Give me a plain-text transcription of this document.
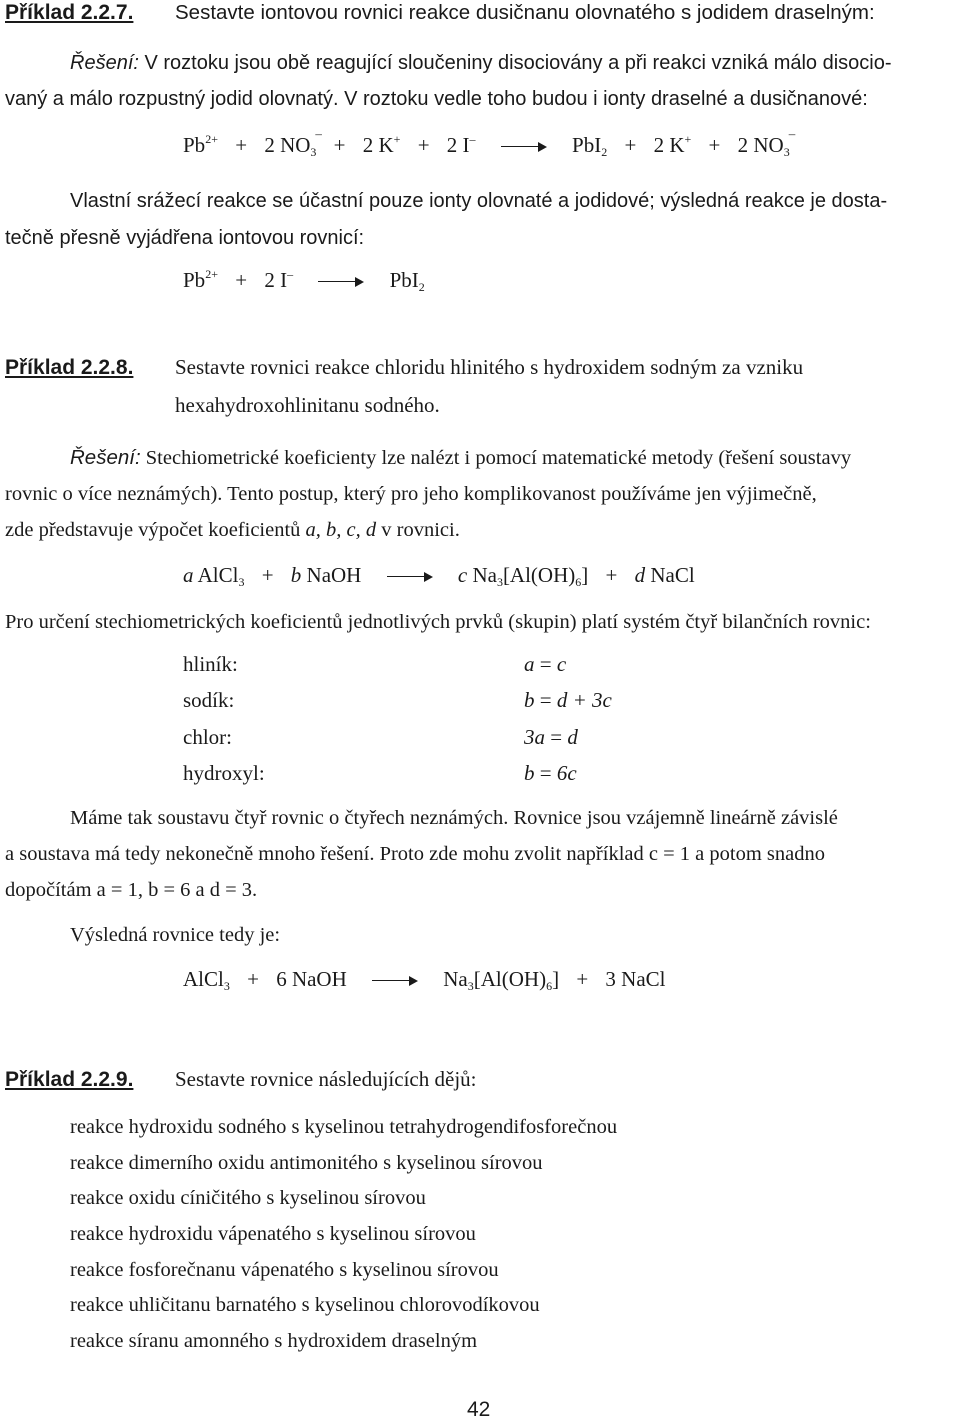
Příklad 2.2.7. Sestavte iontovou rovnici reakce dusičnanu olovnatého s jodidem draselným:
Řešení: V roztoku jsou obě reagující sloučeniny disociovány a při reakci vzniká málo disocio-
vaný a málo rozpustný jodid olovnatý. V roztoku vedle toho budou i ionty draselné a dusičnanové:
$Pb^{2+} + 2$ NO3
– + 2 K+ + 2 I–	PbI$_2$ + 2 K+ + 2 NO3
–
Vlastní srážecí reakce se účastní pouze ionty olovnaté a jodidové; výsledná reakce je dosta-
tečně přesně vyjádřena iontovou rovnicí:
$Pb^{2+} + 2$ I–	PbI$_2$
Příklad 2.2.8. Sestavte rovnici reakce chloridu hlinitého s hydroxidem sodným za vzniku
hexahydroxohlinitanu sodného.
Řešení: Stechiometrické koeficienty lze nalézt i pomocí matematické metody (řešení soustavy
rovnic o více neznámých). Tento postup, který pro jeho komplikovanost používáme jen výjimečně,
zde představuje výpočet koeficientů a, b, c, d v rovnici.
a AlCl$_3$ + b NaOH	c $Na_3[Al(OH)_6] + d$ NaCl
Pro určení stechiometrických koeficientů jednotlivých prvků (skupin) platí systém čtyř bilančních rovnic:
hliník:	a = c
sodík:	b = d + 3c
chlor:	3a = d
hydroxyl:	b = 6c
Máme tak soustavu čtyř rovnic o čtyřech neznámých. Rovnice jsou vzájemně lineárně závislé
a soustava má tedy nekonečně mnoho řešení. Proto zde mohu zvolit například c = 1 a potom snadno
dopočítám a = 1, b = 6 a d = 3.
Výsledná rovnice tedy je:
AlCl$_3$ + 6 NaOH	$Na_3[Al(OH)_6] + 3$ NaCl
Příklad 2.2.9. Sestavte rovnice následujících dějů:
reakce hydroxidu sodného s kyselinou tetrahydrogendifosforečnou
reakce dimerního oxidu antimonitého s kyselinou sírovou
reakce oxidu cíničitého s kyselinou sírovou
reakce hydroxidu vápenatého s kyselinou sírovou
reakce fosforečnanu vápenatého s kyselinou sírovou
reakce uhličitanu barnatého s kyselinou chlorovodíkovou
reakce síranu amonného s hydroxidem draselným
42
